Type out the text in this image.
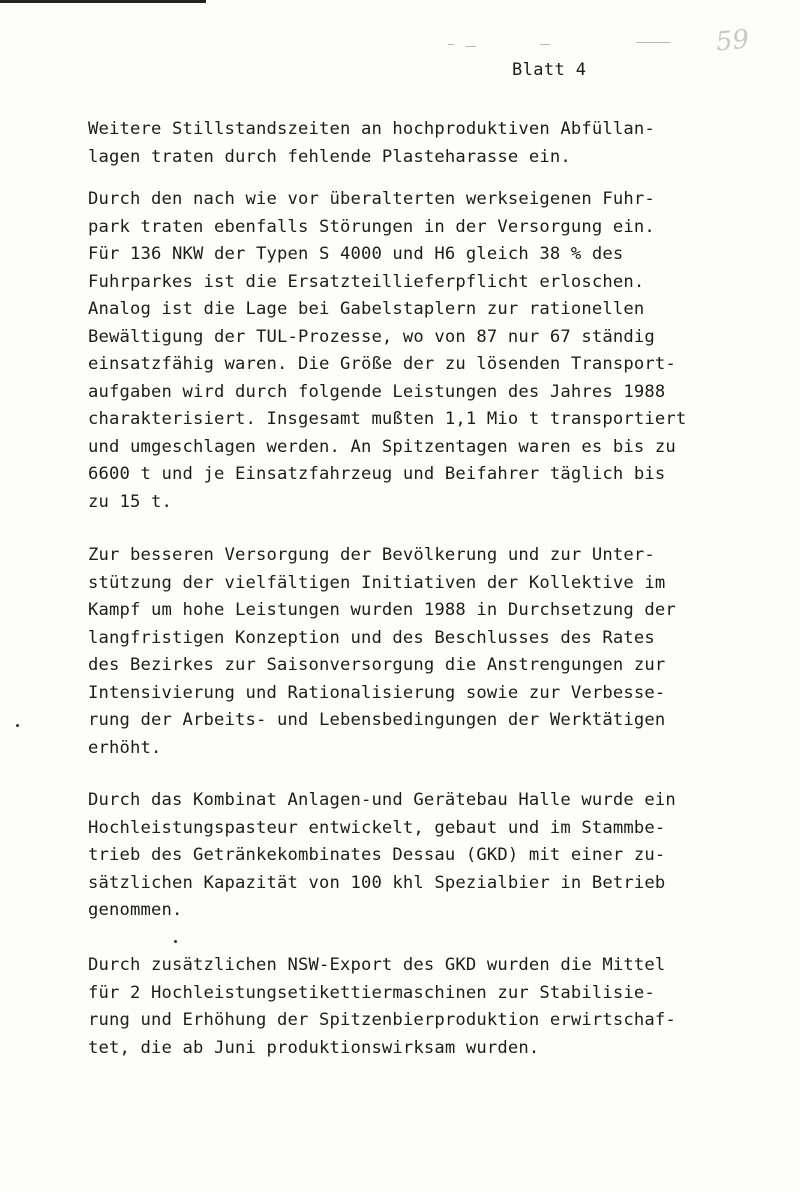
59
Blatt 4
Weitere Stillstandszeiten an hochproduktiven Abfüllan-
lagen traten durch fehlende Plasteharasse ein.
Durch den nach wie vor überalterten werkseigenen Fuhr-
park traten ebenfalls Störungen in der Versorgung ein.
Für 136 NKW der Typen S 4000 und H6 gleich 38 % des
Fuhrparkes ist die Ersatzteillieferpflicht erloschen.
Analog ist die Lage bei Gabelstaplern zur rationellen
Bewältigung der TUL-Prozesse, wo von 87 nur 67 ständig
einsatzfähig waren. Die Größe der zu lösenden Transport-
aufgaben wird durch folgende Leistungen des Jahres 1988
charakterisiert. Insgesamt mußten 1,1 Mio t transportiert
und umgeschlagen werden. An Spitzentagen waren es bis zu
6600 t und je Einsatzfahrzeug und Beifahrer täglich bis
zu 15 t.
Zur besseren Versorgung der Bevölkerung und zur Unter-
stützung der vielfältigen Initiativen der Kollektive im
Kampf um hohe Leistungen wurden 1988 in Durchsetzung der
langfristigen Konzeption und des Beschlusses des Rates
des Bezirkes zur Saisonversorgung die Anstrengungen zur
Intensivierung und Rationalisierung sowie zur Verbesse-
rung der Arbeits- und Lebensbedingungen der Werktätigen
erhöht.
Durch das Kombinat Anlagen-und Gerätebau Halle wurde ein
Hochleistungspasteur entwickelt, gebaut und im Stammbe-
trieb des Getränkekombinates Dessau (GKD) mit einer zu-
sätzlichen Kapazität von 100 khl Spezialbier in Betrieb
genommen.
Durch zusätzlichen NSW-Export des GKD wurden die Mittel
für 2 Hochleistungsetikettiermaschinen zur Stabilisie-
rung und Erhöhung der Spitzenbierproduktion erwirtschaf-
tet, die ab Juni produktionswirksam wurden.
